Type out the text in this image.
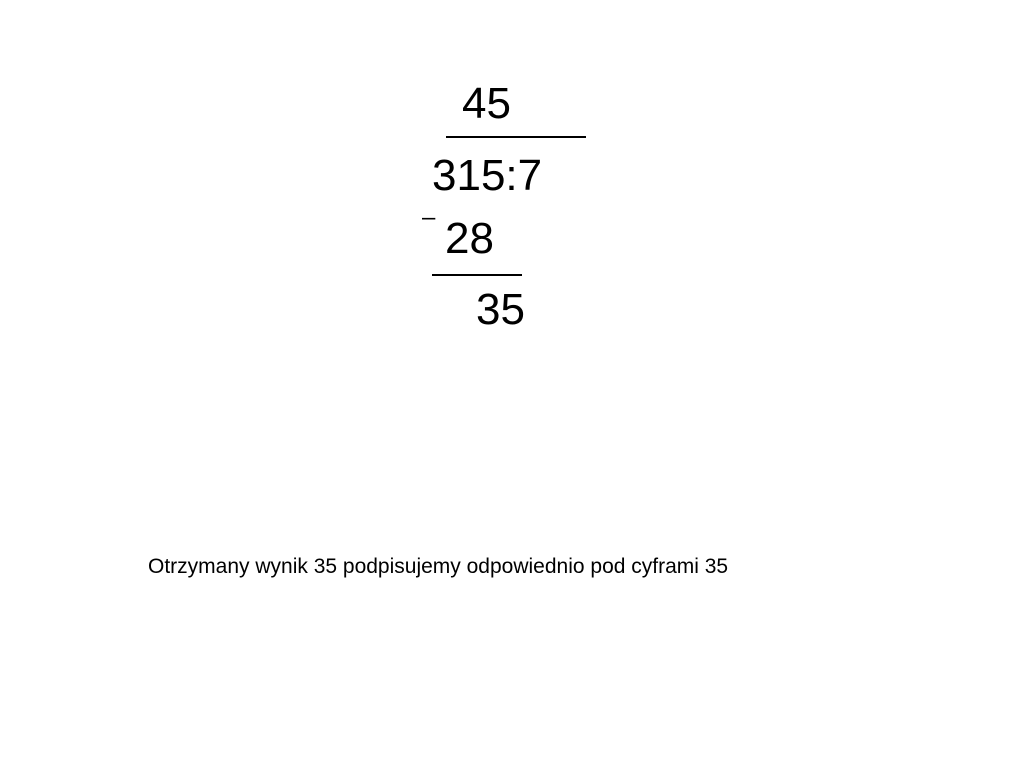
45
315:7
– 28
35
Otrzymany wynik 35 podpisujemy odpowiednio pod cyframi 35
